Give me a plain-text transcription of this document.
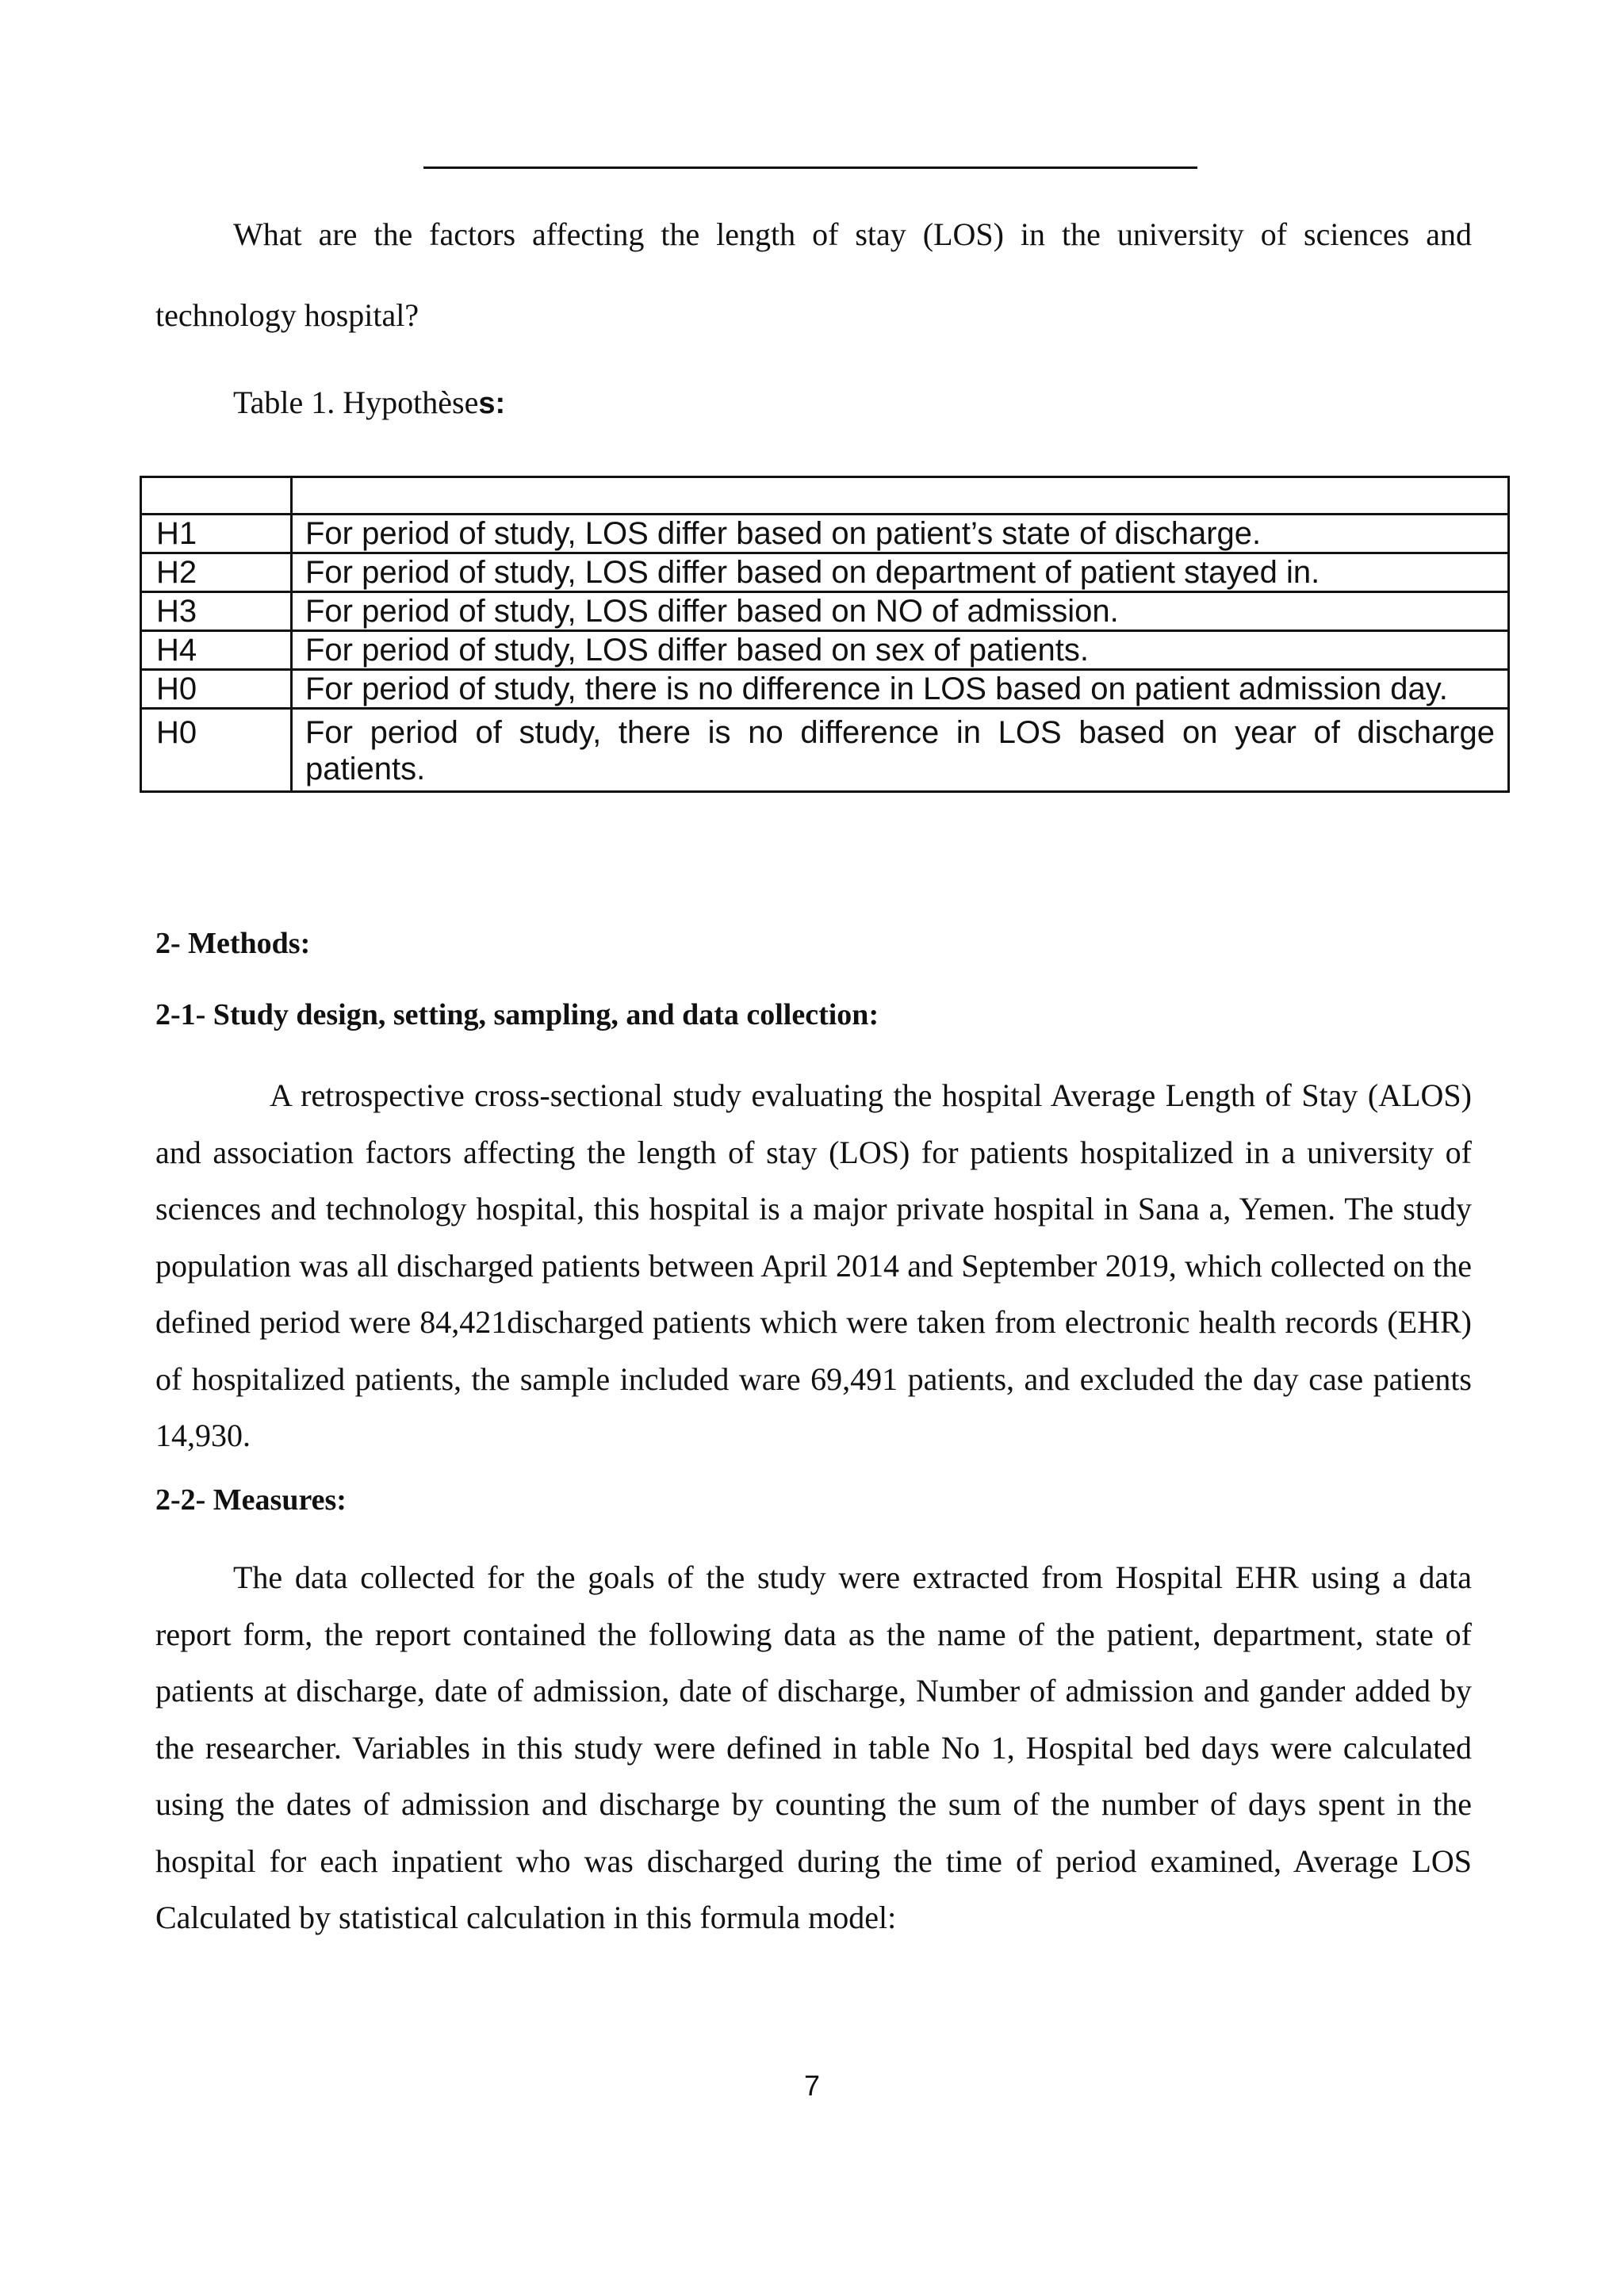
What are the factors affecting the length of stay (LOS) in the university of sciences and

technology hospital?

Table 1. Hypothèses:

H1	For period of study, LOS differ based on patient’s state of discharge.
H2	For period of study, LOS differ based on department of patient stayed in.
H3	For period of study, LOS differ based on NO of admission.
H4	For period of study, LOS differ based on sex of patients.
H0	For period of study, there is no difference in LOS based on patient admission day.
H0	For period of study, there is no difference in LOS based on year of discharge patients.

2- Methods:

2-1- Study design, setting, sampling, and data collection:

A retrospective cross-sectional study evaluating the hospital Average Length of Stay (ALOS) and association factors affecting the length of stay (LOS) for patients hospitalized in a university of sciences and technology hospital, this hospital is a major private hospital in Sana a, Yemen. The study population was all discharged patients between April 2014 and September 2019, which collected on the defined period were 84,421discharged patients which were taken from electronic health records (EHR) of hospitalized patients, the sample included ware 69,491 patients, and excluded the day case patients 14,930.

2-2- Measures:

The data collected for the goals of the study were extracted from Hospital EHR using a data report form, the report contained the following data as the name of the patient, department, state of patients at discharge, date of admission, date of discharge, Number of admission and gander added by the researcher. Variables in this study were defined in table No 1, Hospital bed days were calculated using the dates of admission and discharge by counting the sum of the number of days spent in the hospital for each inpatient who was discharged during the time of period examined, Average LOS Calculated by statistical calculation in this formula model:

7
